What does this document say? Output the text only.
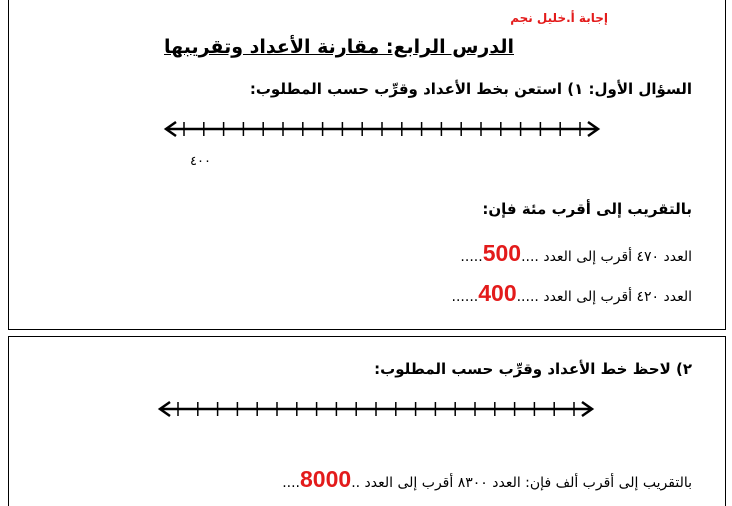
إجابة أ.خليل نجم
الدرس الرابع: مقارنة الأعداد وتقريبها
السؤال الأول: ١) استعن بخط الأعداد وقرِّب حسب المطلوب:
٤٠٠
بالتقريب إلى أقرب مئة فإن:
العدد ٤٧٠ أقرب إلى العدد ....500.....
العدد ٤٢٠ أقرب إلى العدد .....400......
٢) لاحظ خط الأعداد وقرِّب حسب المطلوب:
بالتقريب إلى أقرب ألف فإن: العدد ٨٣٠٠ أقرب إلى العدد ..8000....
